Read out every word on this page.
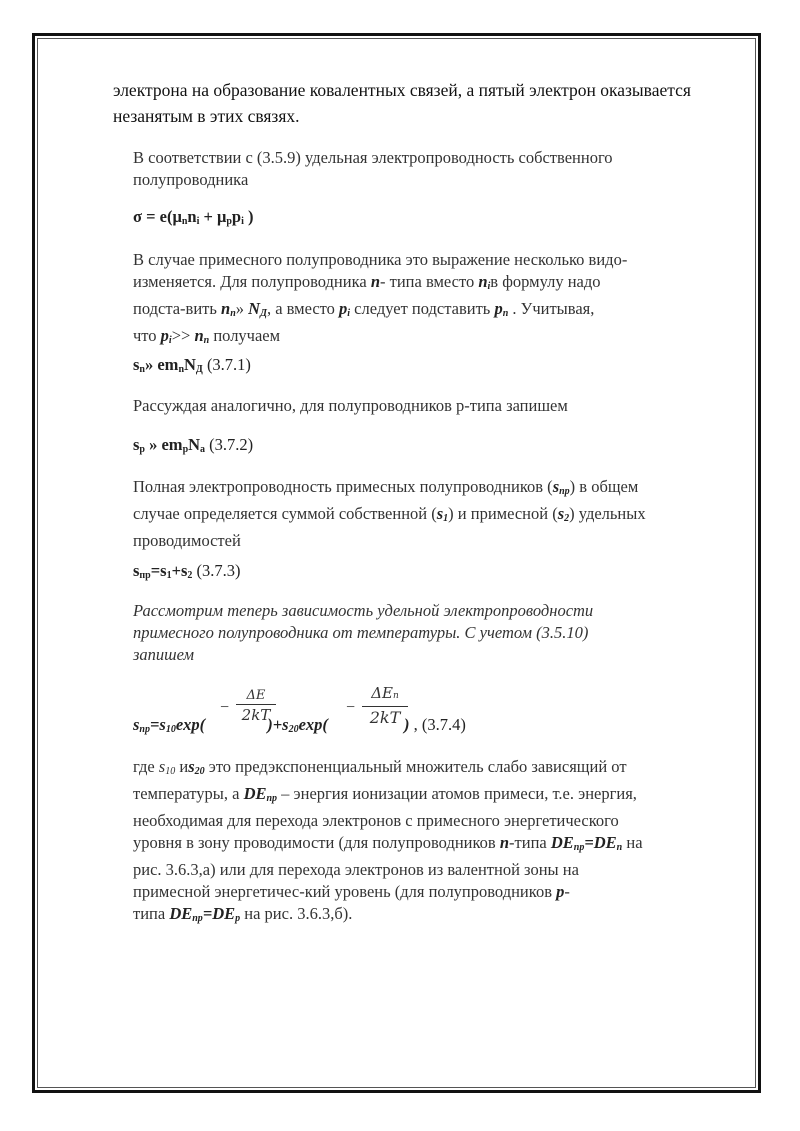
электрона на образование ковалентных связей, а пятый электрон оказывается
незанятым в этих связях.
В соответствии с (3.5.9) удельная электропроводность собственного
полупроводника
$\sigma = e(\mu_nn_i + \mu_pp_i$ )
В случае примесного полупроводника это выражение несколько видо-
изменяется. Для полупроводника n- типа вместо $n_iв$ формулу надо
подста-вить $n_n$» $N_Д$, а вместо $p_i$ следует подставить $p_n$ . Учитывая,
что $p_i>> n_n$ получаем
$s_n$» $em_nN_Д$ (3.7.1)
Рассуждая аналогично, для полупроводников р-типа запишем
$s_p$ » $em_pN_a$ (3.7.2)
Полная электропроводность примесных полупроводников $(s_{пр})$ в общем
случае определяется суммой собственной $(s_1)$ и примесной $(s_2)$ удельных
проводимостей
$s_{пр}=s_1+s_2$ (3.7.3)
Рассмотрим теперь зависимость удельной электропроводности
примесного полупроводника от температуры. С учетом (3.5.10)
запишем
$s_{пр}=s_{10}\exp$(	)$+s_{20}\exp$(	) , (3.7.4)
−
ΔE
2kT	−
ΔEп
2kT
где $s_{10}$ $иs_{20}$ это предэкспоненциальный множитель слабо зависящий от
температуры, а $DE_{пр}$ – энергия ионизации атомов примеси, т.е. энергия,
необходимая для перехода электронов с примесного энергетического
уровня в зону проводимости (для полупроводников n-типа $DE_{пр}=DE_n$ на
рис. 3.6.3,а) или для перехода электронов из валентной зоны на
примесной энергетичес-кий уровень (для полупроводников p-
типа $DE_{пр}=DE_p$ на рис. 3.6.3,б).
